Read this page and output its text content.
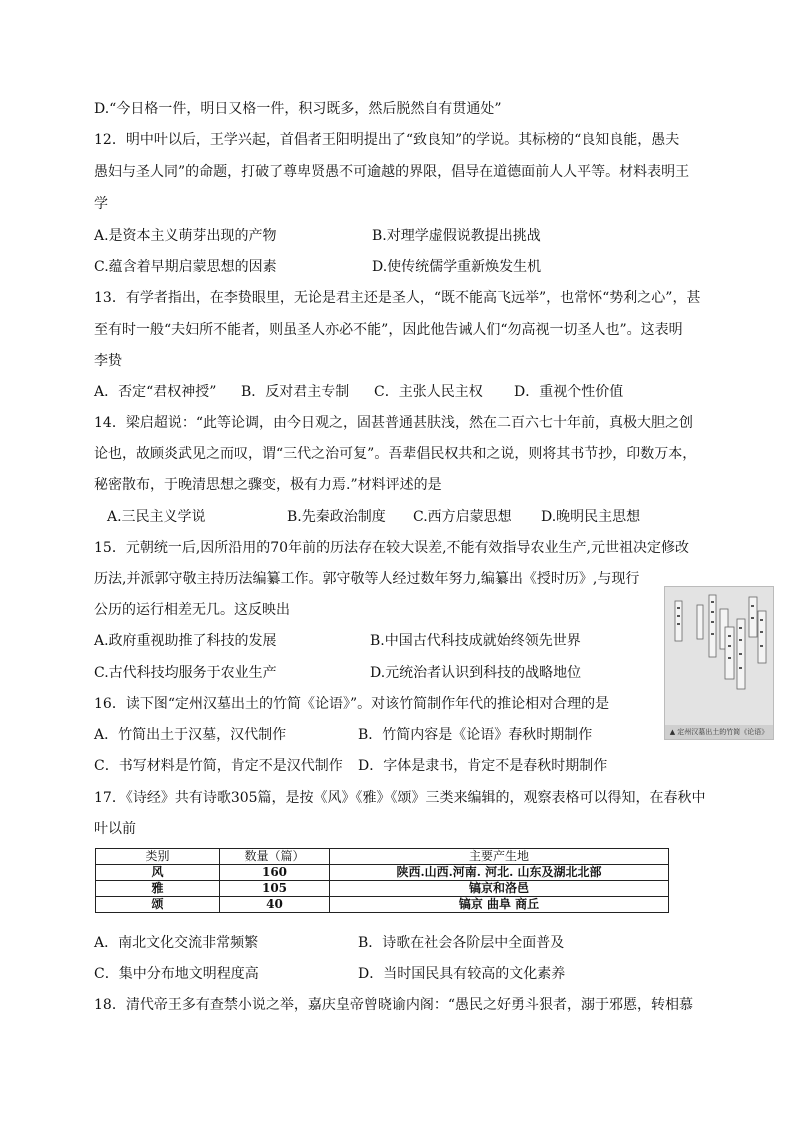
D.“今日格一件，明日又格一件，积习既多，然后脱然自有贯通处”
12．明中叶以后，王学兴起，首倡者王阳明提出了“致良知”的学说。其标榜的“良知良能，愚夫
愚妇与圣人同”的命题，打破了尊卑贤愚不可逾越的界限，倡导在道德面前人人平等。材料表明王
学
A.是资本主义萌芽出现的产物	B.对理学虚假说教提出挑战
C.蕴含着早期启蒙思想的因素	D.使传统儒学重新焕发生机
13．有学者指出，在李贽眼里，无论是君主还是圣人，“既不能高飞远举”，也常怀“势利之心”，甚
至有时一般“夫妇所不能者，则虽圣人亦必不能”，因此他告诫人们“勿高视一切圣人也”。这表明
李贽
A．否定“君权神授” B．反对君主专制 C．主张人民主权 D．重视个性价值
14．梁启超说：“此等论调，由今日观之，固甚普通甚肤浅，然在二百六七十年前，真极大胆之创
论也，故顾炎武见之而叹，谓“三代之治可复”。吾辈倡民权共和之说，则将其书节抄，印数万本，
秘密散布，于晚清思想之骤变，极有力焉.”材料评述的是
A.三民主义学说	B.先秦政治制度 C.西方启蒙思想 D.晚明民主思想
15．元朝统一后,因所沿用的70年前的历法存在较大误差,不能有效指导农业生产,元世祖决定修改
历法,并派郭守敬主持历法编纂工作。郭守敬等人经过数年努力,编纂出《授时历》,与现行
公历的运行相差无几。这反映出
A.政府重视助推了科技的发展	B.中国古代科技成就始终领先世界
C.古代科技均服务于农业生产	D.元统治者认识到科技的战略地位
16．读下图“定州汉墓出土的竹简《论语》”。对该竹简制作年代的推论相对合理的是
A．竹简出土于汉墓，汉代制作	B．竹简内容是《论语》春秋时期制作
C．书写材料是竹简，肯定不是汉代制作 D．字体是隶书，肯定不是春秋时期制作
17．《诗经》共有诗歌305篇，是按《风》《雅》《颂》三类来编辑的，观察表格可以得知，在春秋中
叶以前
类别	数量（篇）	主要产生地
风	160	陕西.山西.河南. 河北. 山东及湖北北部
雅	105	镐京和洛邑
颂	40	镐京 曲阜 商丘
A．南北文化交流非常频繁	B．诗歌在社会各阶层中全面普及
C．集中分布地文明程度高	D．当时国民具有较高的文化素养
18．清代帝王多有查禁小说之举，嘉庆皇帝曾晓谕内阁：“愚民之好勇斗狠者，溺于邪慝，转相慕
▲ 定州汉墓出土的竹简《论语》
